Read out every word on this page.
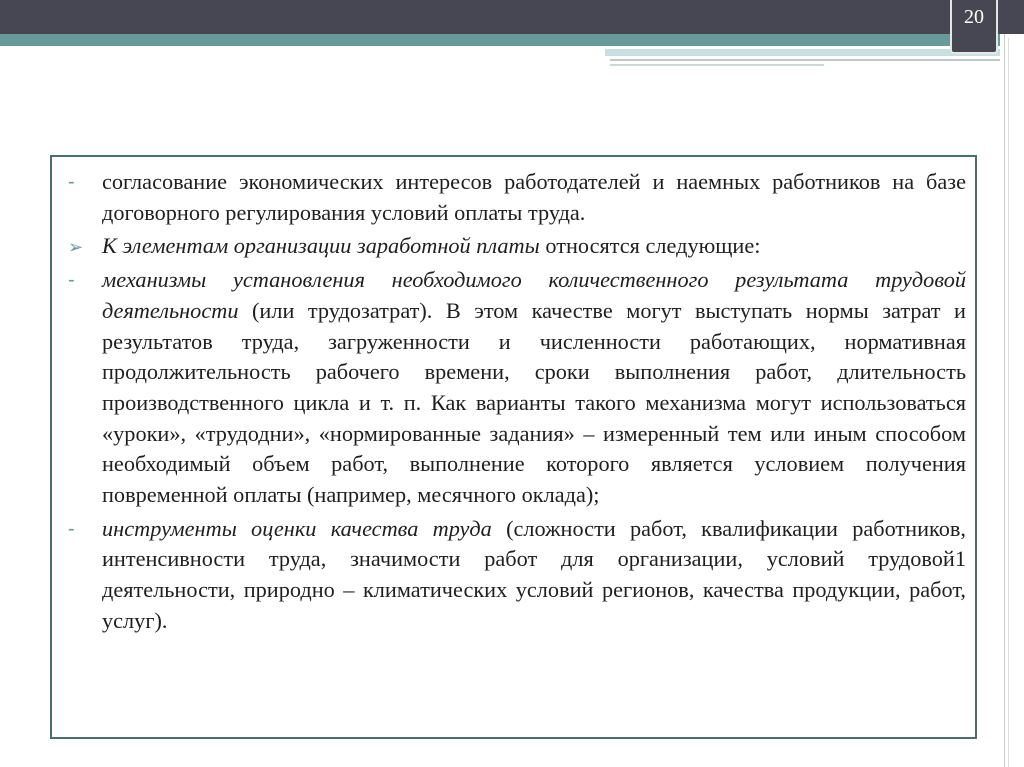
20
- согласование экономических интересов работодателей и наемных работников на базе договорного регулирования условий оплаты труда.
➢ К элементам организации заработной платы относятся следующие:
- механизмы установления необходимого количественного результата трудовой деятельности (или трудозатрат). В этом качестве могут выступать нормы затрат и результатов труда, загруженности и численности работающих, нормативная продолжительность рабочего времени, сроки выполнения работ, длительность производственного цикла и т. п. Как варианты такого механизма могут использоваться «уроки», «трудодни», «нормированные задания» – измеренный тем или иным способом необходимый объем работ, выполнение которого является условием получения повременной оплаты (например, месячного оклада);
- инструменты оценки качества труда (сложности работ, квалификации работников, интенсивности труда, значимости работ для организации, условий трудовой1 деятельности, природно – климатических условий регионов, качества продукции, работ, услуг).
